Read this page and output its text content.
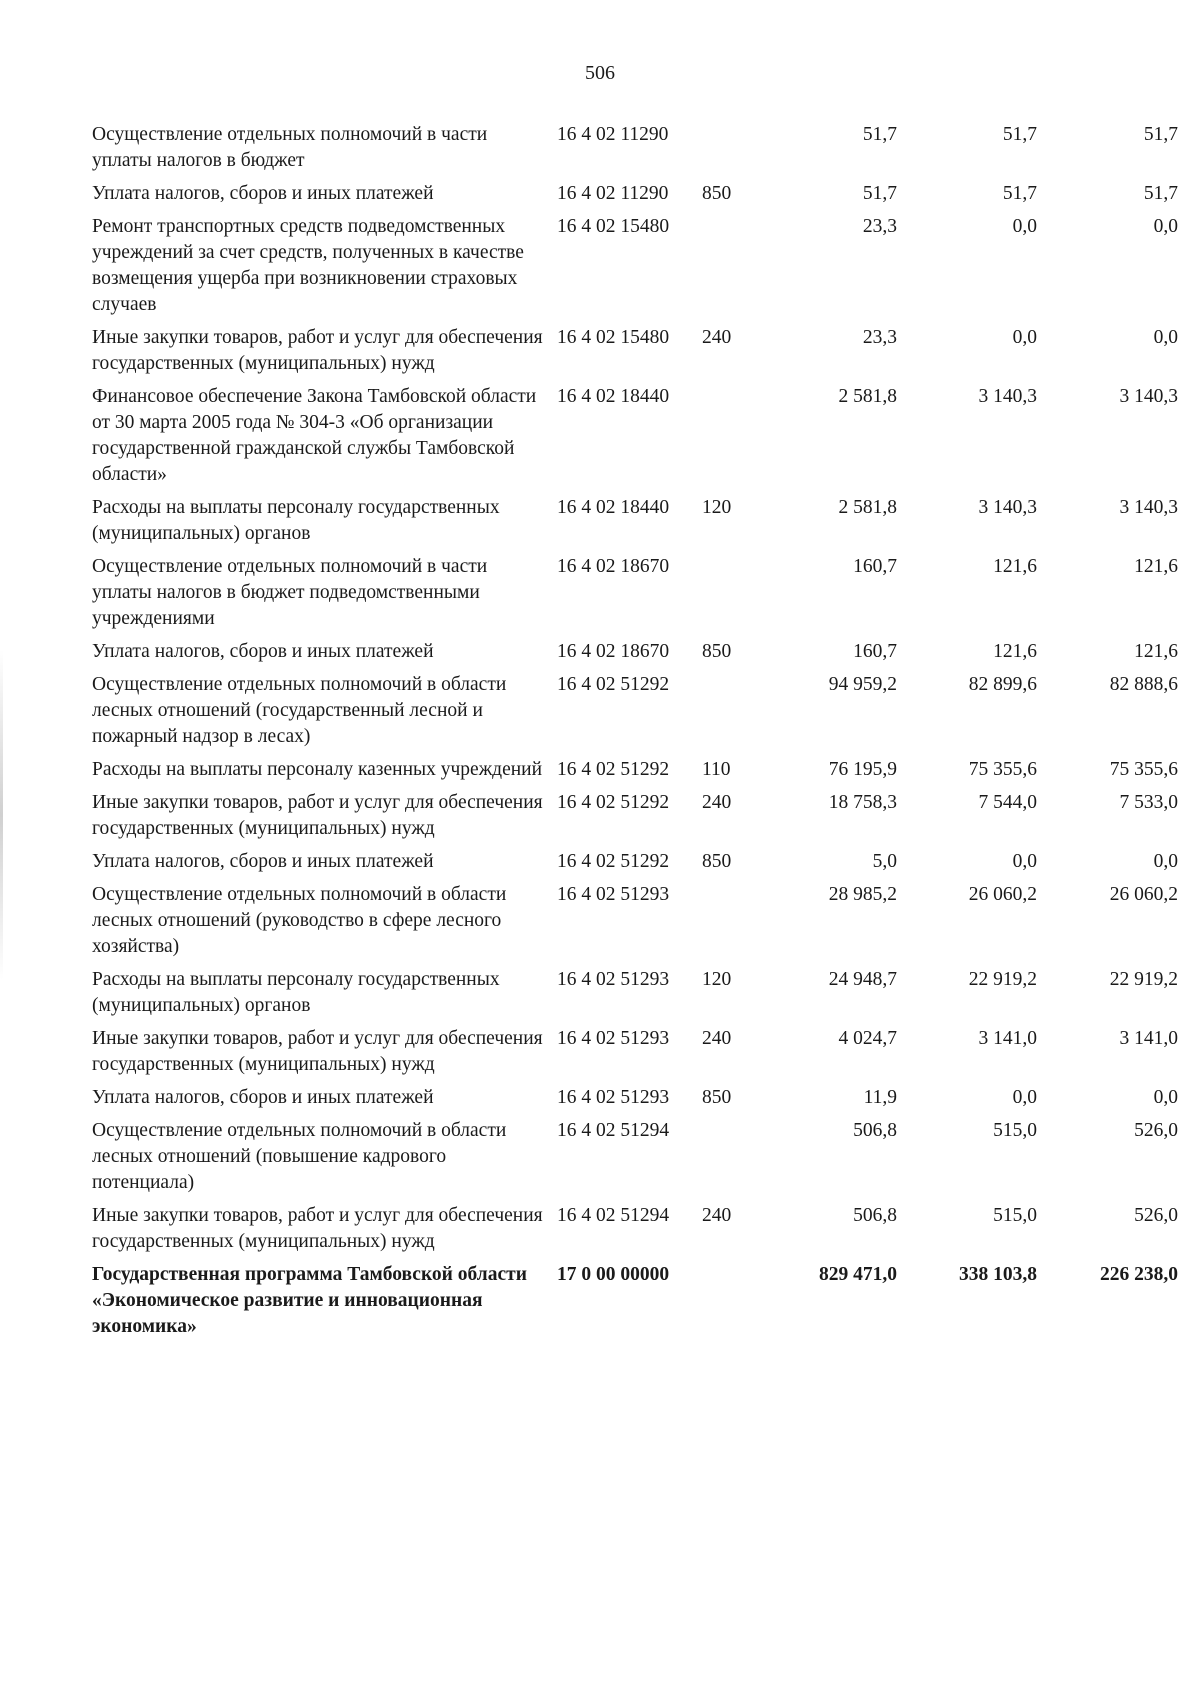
506
Осуществление отдельных полномочий в части уплаты налогов в бюджет	16 4 02 11290		51,7	51,7	51,7
Уплата налогов, сборов и иных платежей	16 4 02 11290	850	51,7	51,7	51,7
Ремонт транспортных средств подведомственных учреждений за счет средств, полученных в качестве возмещения ущерба при возникновении страховых случаев	16 4 02 15480		23,3	0,0	0,0
Иные закупки товаров, работ и услуг для обеспечения государственных (муниципальных) нужд	16 4 02 15480	240	23,3	0,0	0,0
Финансовое обеспечение Закона Тамбовской области от 30 марта 2005 года № 304-3 «Об организации государственной гражданской службы Тамбовской области»	16 4 02 18440		2 581,8	3 140,3	3 140,3
Расходы на выплаты персоналу государственных (муниципальных) органов	16 4 02 18440	120	2 581,8	3 140,3	3 140,3
Осуществление отдельных полномочий в части уплаты налогов в бюджет подведомственными учреждениями	16 4 02 18670		160,7	121,6	121,6
Уплата налогов, сборов и иных платежей	16 4 02 18670	850	160,7	121,6	121,6
Осуществление отдельных полномочий в области лесных отношений (государственный лесной и пожарный надзор в лесах)	16 4 02 51292		94 959,2	82 899,6	82 888,6
Расходы на выплаты персоналу казенных учреждений	16 4 02 51292	110	76 195,9	75 355,6	75 355,6
Иные закупки товаров, работ и услуг для обеспечения государственных (муниципальных) нужд	16 4 02 51292	240	18 758,3	7 544,0	7 533,0
Уплата налогов, сборов и иных платежей	16 4 02 51292	850	5,0	0,0	0,0
Осуществление отдельных полномочий в области лесных отношений (руководство в сфере лесного хозяйства)	16 4 02 51293		28 985,2	26 060,2	26 060,2
Расходы на выплаты персоналу государственных (муниципальных) органов	16 4 02 51293	120	24 948,7	22 919,2	22 919,2
Иные закупки товаров, работ и услуг для обеспечения государственных (муниципальных) нужд	16 4 02 51293	240	4 024,7	3 141,0	3 141,0
Уплата налогов, сборов и иных платежей	16 4 02 51293	850	11,9	0,0	0,0
Осуществление отдельных полномочий в области лесных отношений (повышение кадрового потенциала)	16 4 02 51294		506,8	515,0	526,0
Иные закупки товаров, работ и услуг для обеспечения государственных (муниципальных) нужд	16 4 02 51294	240	506,8	515,0	526,0
Государственная программа Тамбовской области «Экономическое развитие и инновационная экономика»	17 0 00 00000		829 471,0	338 103,8	226 238,0
